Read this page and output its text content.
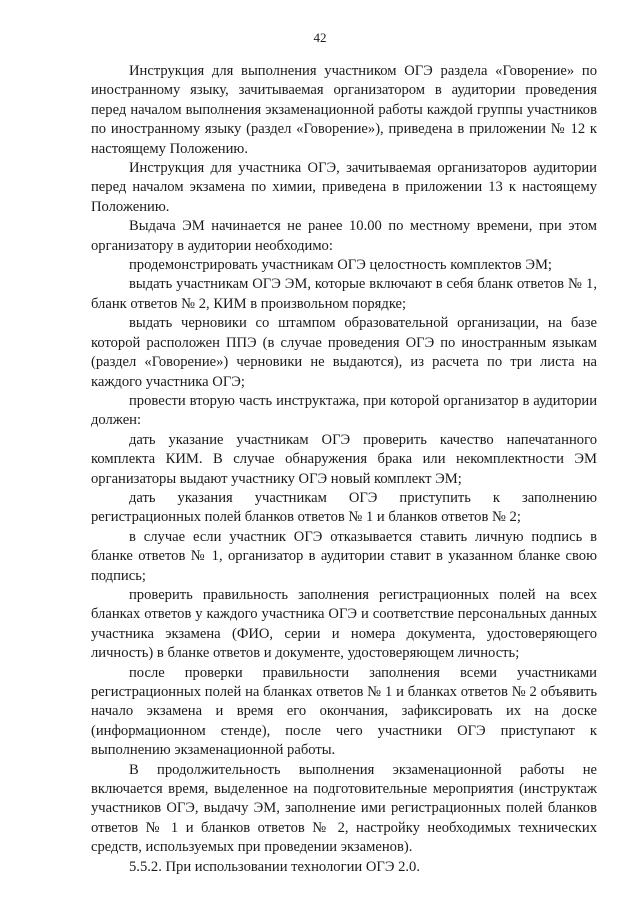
42

Инструкция для выполнения участником ОГЭ раздела «Говорение» по иностранному языку, зачитываемая организатором в аудитории проведения перед началом выполнения экзаменационной работы каждой группы участников по иностранному языку (раздел «Говорение»), приведена в приложении № 12 к настоящему Положению.

Инструкция для участника ОГЭ, зачитываемая организаторов аудитории перед началом экзамена по химии, приведена в приложении 13 к настоящему Положению.

Выдача ЭМ начинается не ранее 10.00 по местному времени, при этом организатору в аудитории необходимо:

продемонстрировать участникам ОГЭ целостность комплектов ЭМ;

выдать участникам ОГЭ ЭМ, которые включают в себя бланк ответов № 1, бланк ответов № 2, КИМ в произвольном порядке;

выдать черновики со штампом образовательной организации, на базе которой расположен ППЭ (в случае проведения ОГЭ по иностранным языкам (раздел «Говорение») черновики не выдаются), из расчета по три листа на каждого участника ОГЭ;

провести вторую часть инструктажа, при которой организатор в аудитории должен:

дать указание участникам ОГЭ проверить качество напечатанного комплекта КИМ. В случае обнаружения брака или некомплектности ЭМ организаторы выдают участнику ОГЭ новый комплект ЭМ;

дать указания участникам ОГЭ приступить к заполнению регистрационных полей бланков ответов № 1 и бланков ответов № 2;

в случае если участник ОГЭ отказывается ставить личную подпись в бланке ответов № 1, организатор в аудитории ставит в указанном бланке свою подпись;

проверить правильность заполнения регистрационных полей на всех бланках ответов у каждого участника ОГЭ и соответствие персональных данных участника экзамена (ФИО, серии и номера документа, удостоверяющего личность) в бланке ответов и документе, удостоверяющем личность;

после проверки правильности заполнения всеми участниками регистрационных полей на бланках ответов № 1 и бланках ответов № 2 объявить начало экзамена и время его окончания, зафиксировать их на доске (информационном стенде), после чего участники ОГЭ приступают к выполнению экзаменационной работы.

В продолжительность выполнения экзаменационной работы не включается время, выделенное на подготовительные мероприятия (инструктаж участников ОГЭ, выдачу ЭМ, заполнение ими регистрационных полей бланков ответов № 1 и бланков ответов № 2, настройку необходимых технических средств, используемых при проведении экзаменов).

5.5.2. При использовании технологии ОГЭ 2.0.
